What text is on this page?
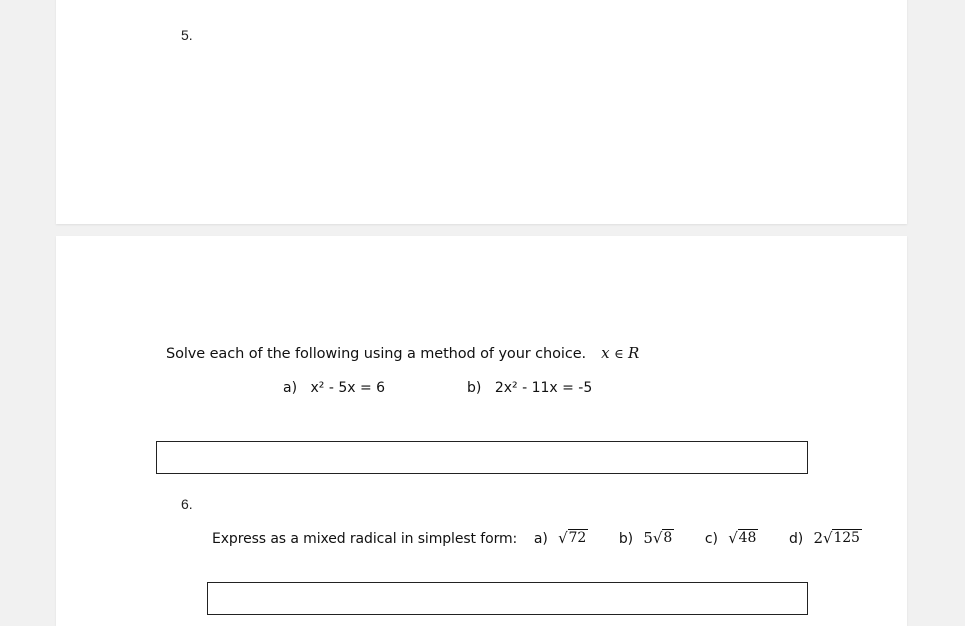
5.
Solve each of the following using a method of your choice. x ∈ R
a) x² - 5x = 6	b) 2x² - 11x = -5
6.
Express as a mixed radical in simplest form: a) √ 72 b) 5 √ 8 c) √ 48 d) 2 √ 125
